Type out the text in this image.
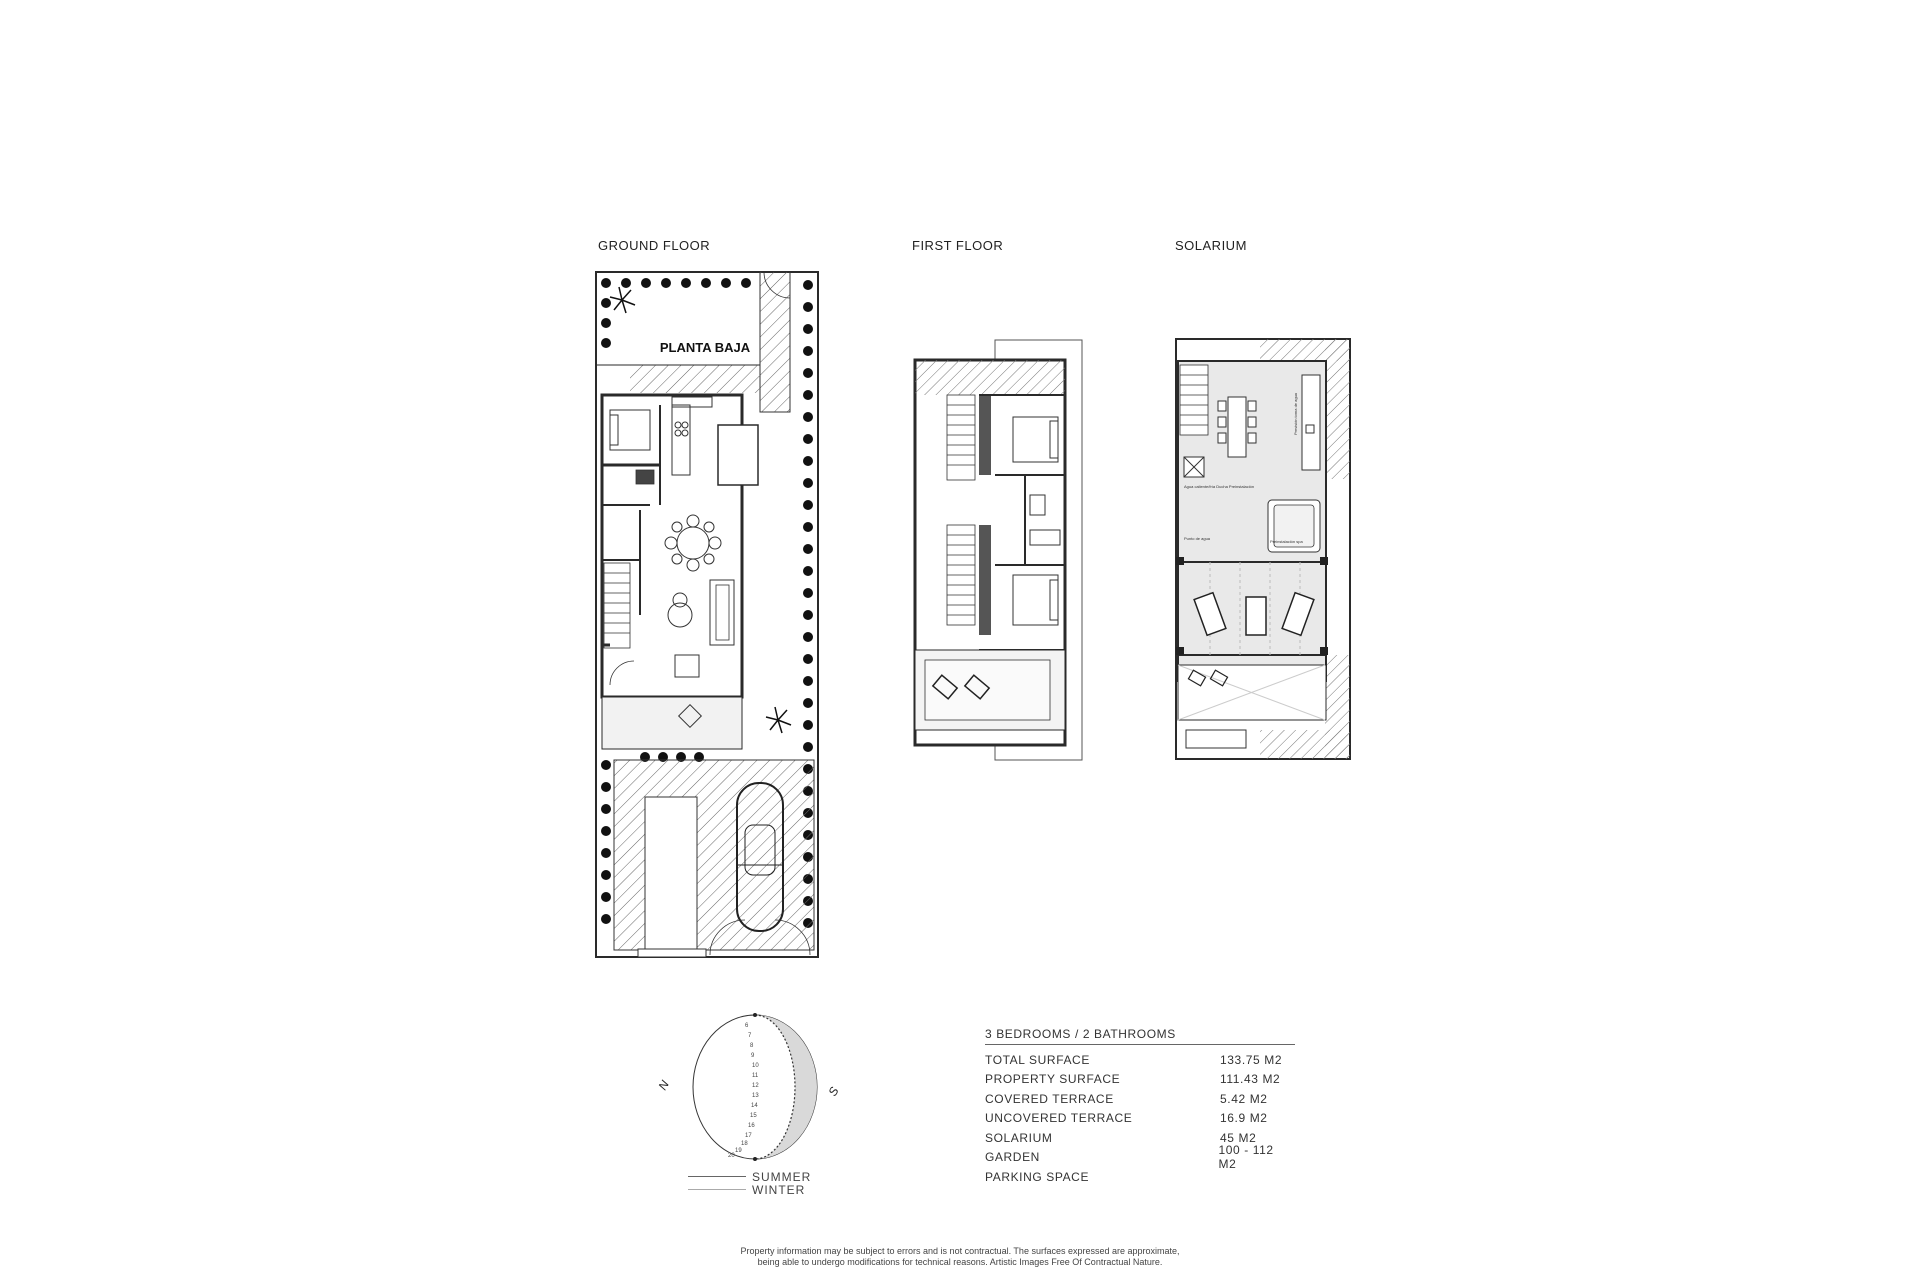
GROUND FLOOR	FIRST FLOOR	SOLARIUM
PLANTA BAJA
Previsión toma de agua
Agua caliente/fría Ducha Preinstalación
Punto de agua
Preinstalación spa
N	S
6
7
8
9
10
11
12
13
14
15
16
17
18
19
20
SUMMER
WINTER
3 BEDROOMS / 2 BATHROOMS
TOTAL SURFACE	133.75 M2
PROPERTY SURFACE	111.43 M2
COVERED TERRACE	5.42 M2
UNCOVERED TERRACE	16.9 M2
SOLARIUM	45 M2
GARDEN	100 - 112 M2
PARKING SPACE
Property information may be subject to errors and is not contractual. The surfaces expressed are approximate,
being able to undergo modifications for technical reasons. Artistic Images Free Of Contractual Nature.
